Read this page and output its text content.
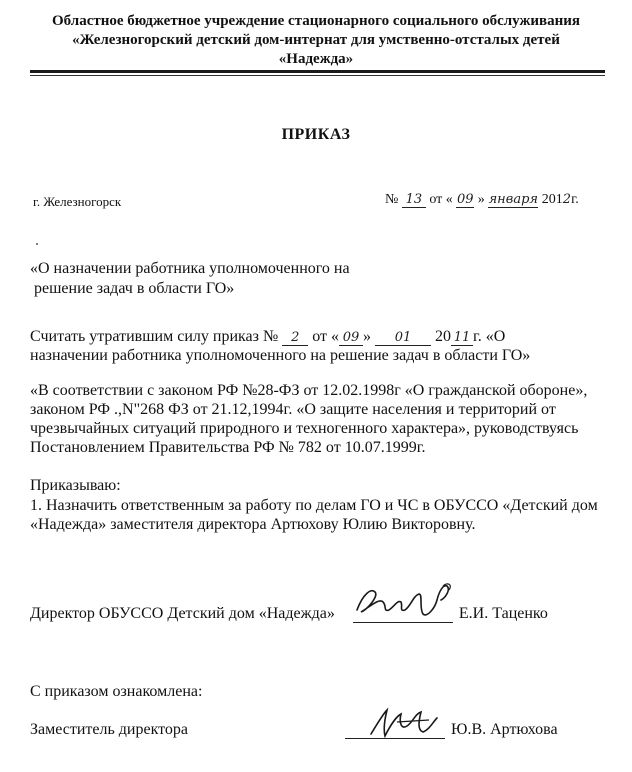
Областное бюджетное учреждение стационарного социального обслуживания
«Железногорский детский дом-интернат для умственно-отсталых детей
«Надежда»
ПРИКАЗ
г. Железногорск	№ 13 от « 09 » января 2012г.
«О назначении работника уполномоченного на
решение задач в области ГО»
Считать утратившим силу приказ № 2 от « 09 » 01 20 11 г. «О
назначении работника уполномоченного на решение задач в области ГО»
«В соответствии с законом РФ №28-ФЗ от 12.02.1998г «О гражданской обороне», законом РФ .,N"268 ФЗ от 21.12,1994г. «О защите населения и территорий от чрезвычайных ситуаций природного и техногенного характера», руководствуясь Постановлением Правительства РФ № 782 от 10.07.1999г.
Приказываю:
1. Назначить ответственным за работу по делам ГО и ЧС в ОБУССО «Детский дом «Надежда» заместителя директора Артюхову Юлию Викторовну.
Директор ОБУССО Детский дом «Надежда»	Е.И. Таценко
С приказом ознакомлена:
Заместитель директора	Ю.В. Артюхова
